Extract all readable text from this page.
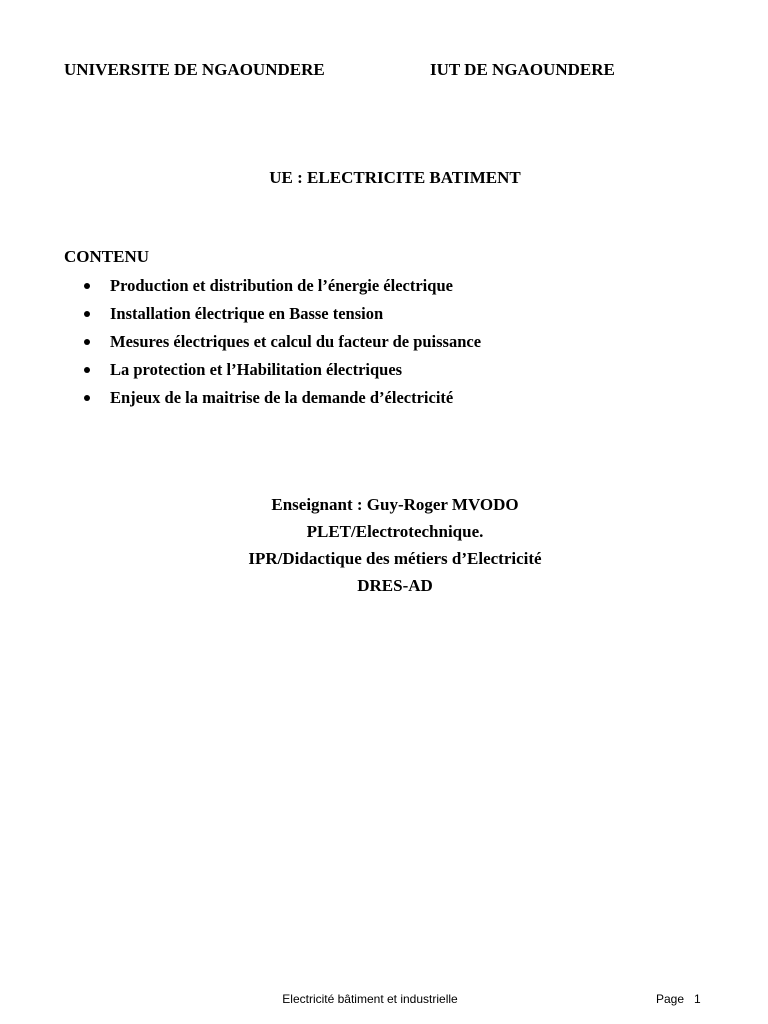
UNIVERSITE DE NGAOUNDERE	IUT DE NGAOUNDERE
UE : ELECTRICITE BATIMENT
CONTENU
Production et distribution de l’énergie électrique
Installation électrique en Basse tension
Mesures électriques et calcul du facteur de puissance
La protection et l’Habilitation électriques
Enjeux de la maitrise de la demande d’électricité
Enseignant : Guy-Roger MVODO
PLET/Electrotechnique.
IPR/Didactique des métiers d’Electricité
DRES-AD
Electricité bâtiment et industrielle	Page 1
